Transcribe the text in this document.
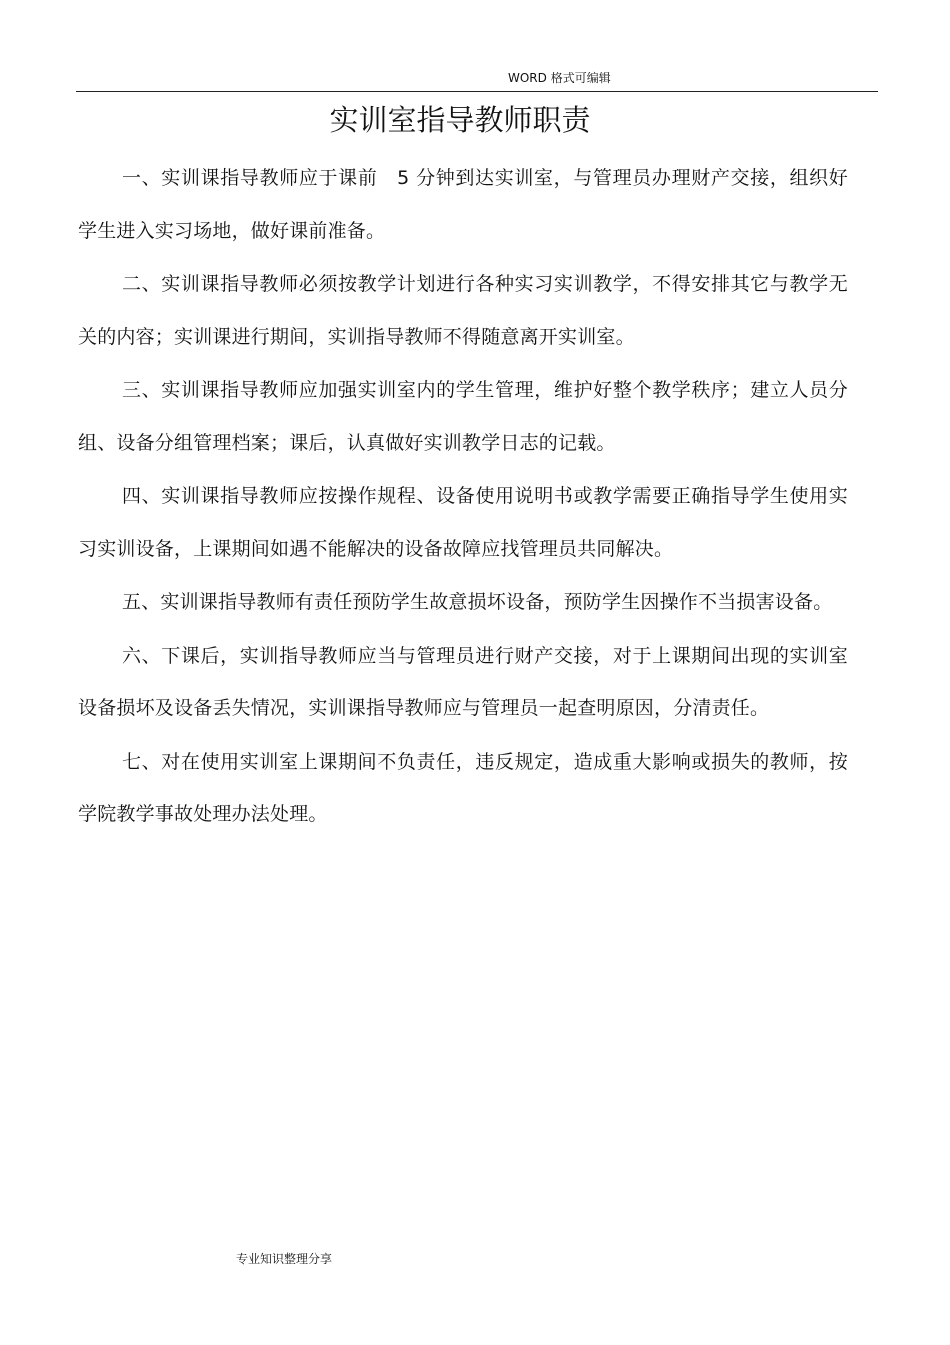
WORD 格式可编辑
实训室指导教师职责

一、实训课指导教师应于课前　5 分钟到达实训室，与管理员办理财产交接，组织好学生进入实习场地，做好课前准备。

二、实训课指导教师必须按教学计划进行各种实习实训教学，不得安排其它与教学无关的内容；实训课进行期间，实训指导教师不得随意离开实训室。

三、实训课指导教师应加强实训室内的学生管理，维护好整个教学秩序；建立人员分组、设备分组管理档案；课后，认真做好实训教学日志的记载。

四、实训课指导教师应按操作规程、设备使用说明书或教学需要正确指导学生使用实习实训设备，上课期间如遇不能解决的设备故障应找管理员共同解决。

五、实训课指导教师有责任预防学生故意损坏设备，预防学生因操作不当损害设备。

六、下课后，实训指导教师应当与管理员进行财产交接，对于上课期间出现的实训室设备损坏及设备丢失情况，实训课指导教师应与管理员一起查明原因，分清责任。

七、对在使用实训室上课期间不负责任，违反规定，造成重大影响或损失的教师，按学院教学事故处理办法处理。

专业知识整理分享
